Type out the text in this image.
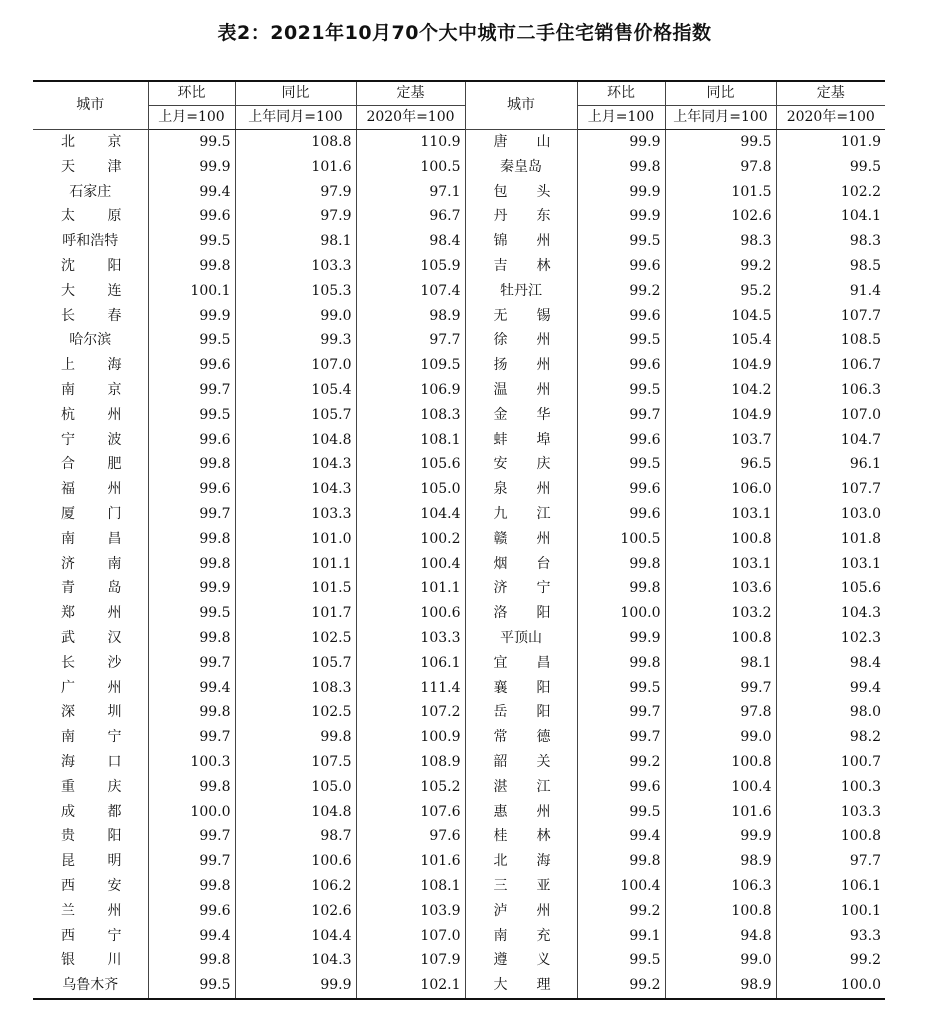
表2：2021年10月70个大中城市二手住宅销售价格指数
城市	环比	同比	定基	城市	环比	同比	定基
	上月=100	上年同月=100	2020年=100		上月=100	上年同月=100	2020年=100
北京	99.5	108.8	110.9	唐山	99.9	99.5	101.9
天津	99.9	101.6	100.5	秦皇岛	99.8	97.8	99.5
石家庄	99.4	97.9	97.1	包头	99.9	101.5	102.2
太原	99.6	97.9	96.7	丹东	99.9	102.6	104.1
呼和浩特	99.5	98.1	98.4	锦州	99.5	98.3	98.3
沈阳	99.8	103.3	105.9	吉林	99.6	99.2	98.5
大连	100.1	105.3	107.4	牡丹江	99.2	95.2	91.4
长春	99.9	99.0	98.9	无锡	99.6	104.5	107.7
哈尔滨	99.5	99.3	97.7	徐州	99.5	105.4	108.5
上海	99.6	107.0	109.5	扬州	99.6	104.9	106.7
南京	99.7	105.4	106.9	温州	99.5	104.2	106.3
杭州	99.5	105.7	108.3	金华	99.7	104.9	107.0
宁波	99.6	104.8	108.1	蚌埠	99.6	103.7	104.7
合肥	99.8	104.3	105.6	安庆	99.5	96.5	96.1
福州	99.6	104.3	105.0	泉州	99.6	106.0	107.7
厦门	99.7	103.3	104.4	九江	99.6	103.1	103.0
南昌	99.8	101.0	100.2	赣州	100.5	100.8	101.8
济南	99.8	101.1	100.4	烟台	99.8	103.1	103.1
青岛	99.9	101.5	101.1	济宁	99.8	103.6	105.6
郑州	99.5	101.7	100.6	洛阳	100.0	103.2	104.3
武汉	99.8	102.5	103.3	平顶山	99.9	100.8	102.3
长沙	99.7	105.7	106.1	宜昌	99.8	98.1	98.4
广州	99.4	108.3	111.4	襄阳	99.5	99.7	99.4
深圳	99.8	102.5	107.2	岳阳	99.7	97.8	98.0
南宁	99.7	99.8	100.9	常德	99.7	99.0	98.2
海口	100.3	107.5	108.9	韶关	99.2	100.8	100.7
重庆	99.8	105.0	105.2	湛江	99.6	100.4	100.3
成都	100.0	104.8	107.6	惠州	99.5	101.6	103.3
贵阳	99.7	98.7	97.6	桂林	99.4	99.9	100.8
昆明	99.7	100.6	101.6	北海	99.8	98.9	97.7
西安	99.8	106.2	108.1	三亚	100.4	106.3	106.1
兰州	99.6	102.6	103.9	泸州	99.2	100.8	100.1
西宁	99.4	104.4	107.0	南充	99.1	94.8	93.3
银川	99.8	104.3	107.9	遵义	99.5	99.0	99.2
乌鲁木齐	99.5	99.9	102.1	大理	99.2	98.9	100.0
